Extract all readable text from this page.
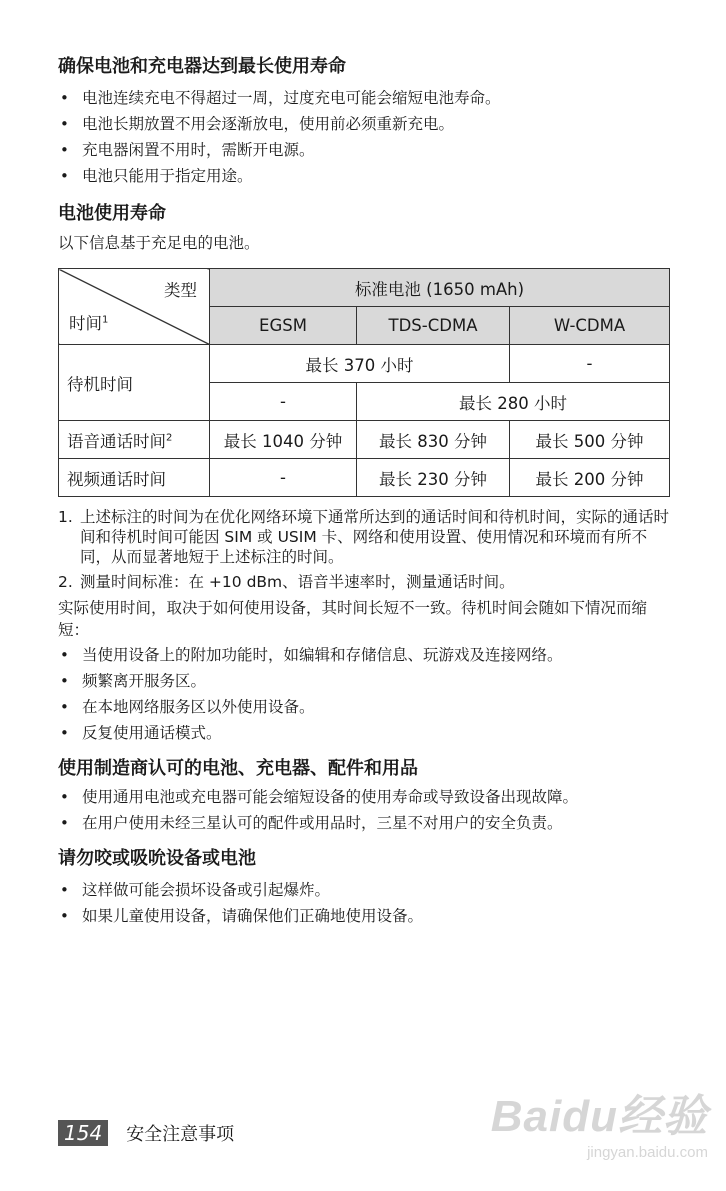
确保电池和充电器达到最长使用寿命
• 电池连续充电不得超过一周，过度充电可能会缩短电池寿命。
• 电池长期放置不用会逐渐放电，使用前必须重新充电。
• 充电器闲置不用时，需断开电源。
• 电池只能用于指定用途。
电池使用寿命

以下信息基于充足电的电池。

类型
时间$^1$	标准电池 (1650 mAh)		
	EGSM	TDS-CDMA	W-CDMA
待机时间	最长 370 小时		-
	-	最长 280 小时	
语音通话时间$^2$	最长 1040 分钟	最长 830 分钟	最长 500 分钟
视频通话时间	-	最长 230 分钟	最长 200 分钟
1. 上述标注的时间为在优化网络环境下通常所达到的通话时间和待机时间，实际的通话时间和待机时间可能因 SIM 或 USIM 卡、网络和使用设置、使用情况和环境而有所不同，从而显著地短于上述标注的时间。
2. 测量时间标准：在 +10 dBm、语音半速率时，测量通话时间。

实际使用时间，取决于如何使用设备，其时间长短不一致。待机时间会随如下情况而缩短：

• 当使用设备上的附加功能时，如编辑和存储信息、玩游戏及连接网络。
• 频繁离开服务区。
• 在本地网络服务区以外使用设备。
• 反复使用通话模式。
使用制造商认可的电池、充电器、配件和用品
• 使用通用电池或充电器可能会缩短设备的使用寿命或导致设备出现故障。
• 在用户使用未经三星认可的配件或用品时，三星不对用户的安全负责。
请勿咬或吸吮设备或电池
• 这样做可能会损坏设备或引起爆炸。
• 如果儿童使用设备，请确保他们正确地使用设备。
Baidu经验
jingyan.baidu.com
154	安全注意事项
